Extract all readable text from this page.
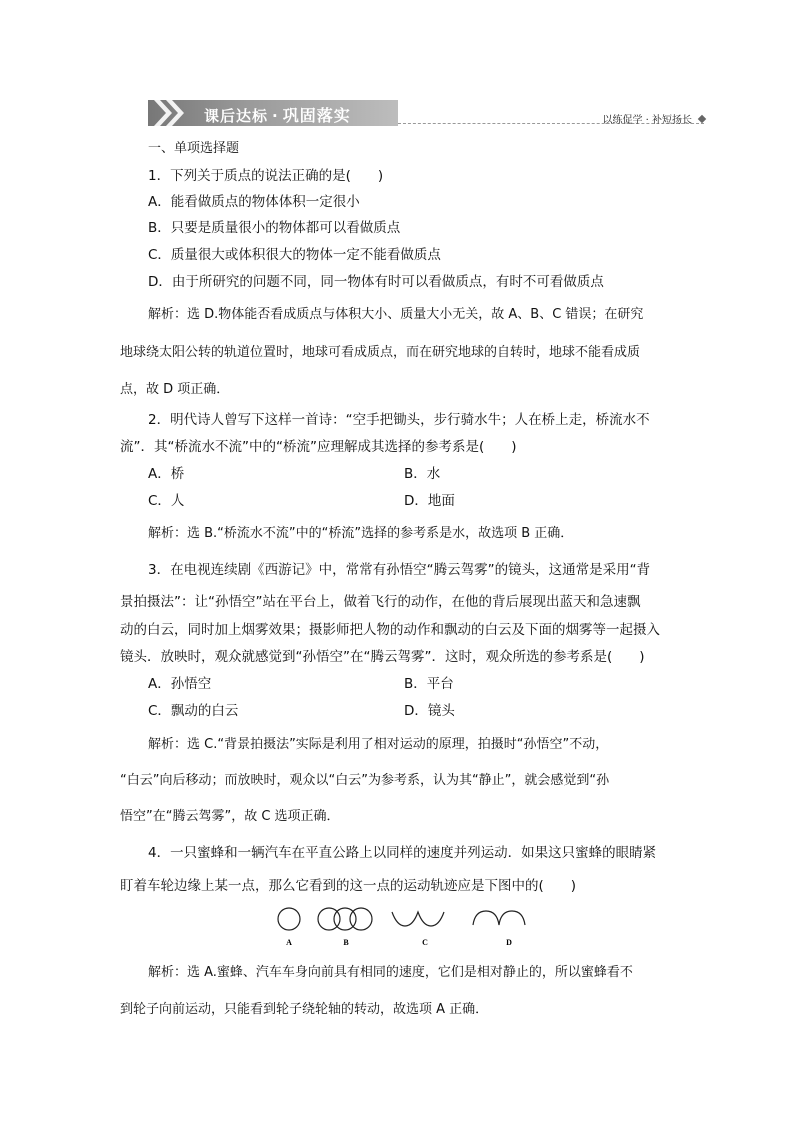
课后达标 · 巩固落实	以练促学 · 补短扬长
一、单项选择题
1．下列关于质点的说法正确的是(　　)
A．能看做质点的物体体积一定很小
B．只要是质量很小的物体都可以看做质点
C．质量很大或体积很大的物体一定不能看做质点
D．由于所研究的问题不同，同一物体有时可以看做质点，有时不可看做质点
解析：选 D.物体能否看成质点与体积大小、质量大小无关，故 A、B、C 错误；在研究
地球绕太阳公转的轨道位置时，地球可看成质点，而在研究地球的自转时，地球不能看成质
点，故 D 项正确．
2．明代诗人曾写下这样一首诗：“空手把锄头，步行骑水牛；人在桥上走，桥流水不
流”．其“桥流水不流”中的“桥流”应理解成其选择的参考系是(　　)
A．桥	B．水
C．人	D．地面
解析：选 B.“桥流水不流”中的“桥流”选择的参考系是水，故选项 B 正确．
3．在电视连续剧《西游记》中，常常有孙悟空“腾云驾雾”的镜头，这通常是采用“背
景拍摄法”：让“孙悟空”站在平台上，做着飞行的动作，在他的背后展现出蓝天和急速飘
动的白云，同时加上烟雾效果；摄影师把人物的动作和飘动的白云及下面的烟雾等一起摄入
镜头．放映时，观众就感觉到“孙悟空”在“腾云驾雾”．这时，观众所选的参考系是(　　)
A．孙悟空	B．平台
C．飘动的白云	D．镜头
解析：选 C.“背景拍摄法”实际是利用了相对运动的原理，拍摄时“孙悟空”不动，
“白云”向后移动；而放映时，观众以“白云”为参考系，认为其“静止”，就会感觉到“孙
悟空”在“腾云驾雾”，故 C 选项正确．
4．一只蜜蜂和一辆汽车在平直公路上以同样的速度并列运动．如果这只蜜蜂的眼睛紧
盯着车轮边缘上某一点，那么它看到的这一点的运动轨迹应是下图中的(　　)
A	B	C	D
解析：选 A.蜜蜂、汽车车身向前具有相同的速度，它们是相对静止的，所以蜜蜂看不
到轮子向前运动，只能看到轮子绕轮轴的转动，故选项 A 正确．
